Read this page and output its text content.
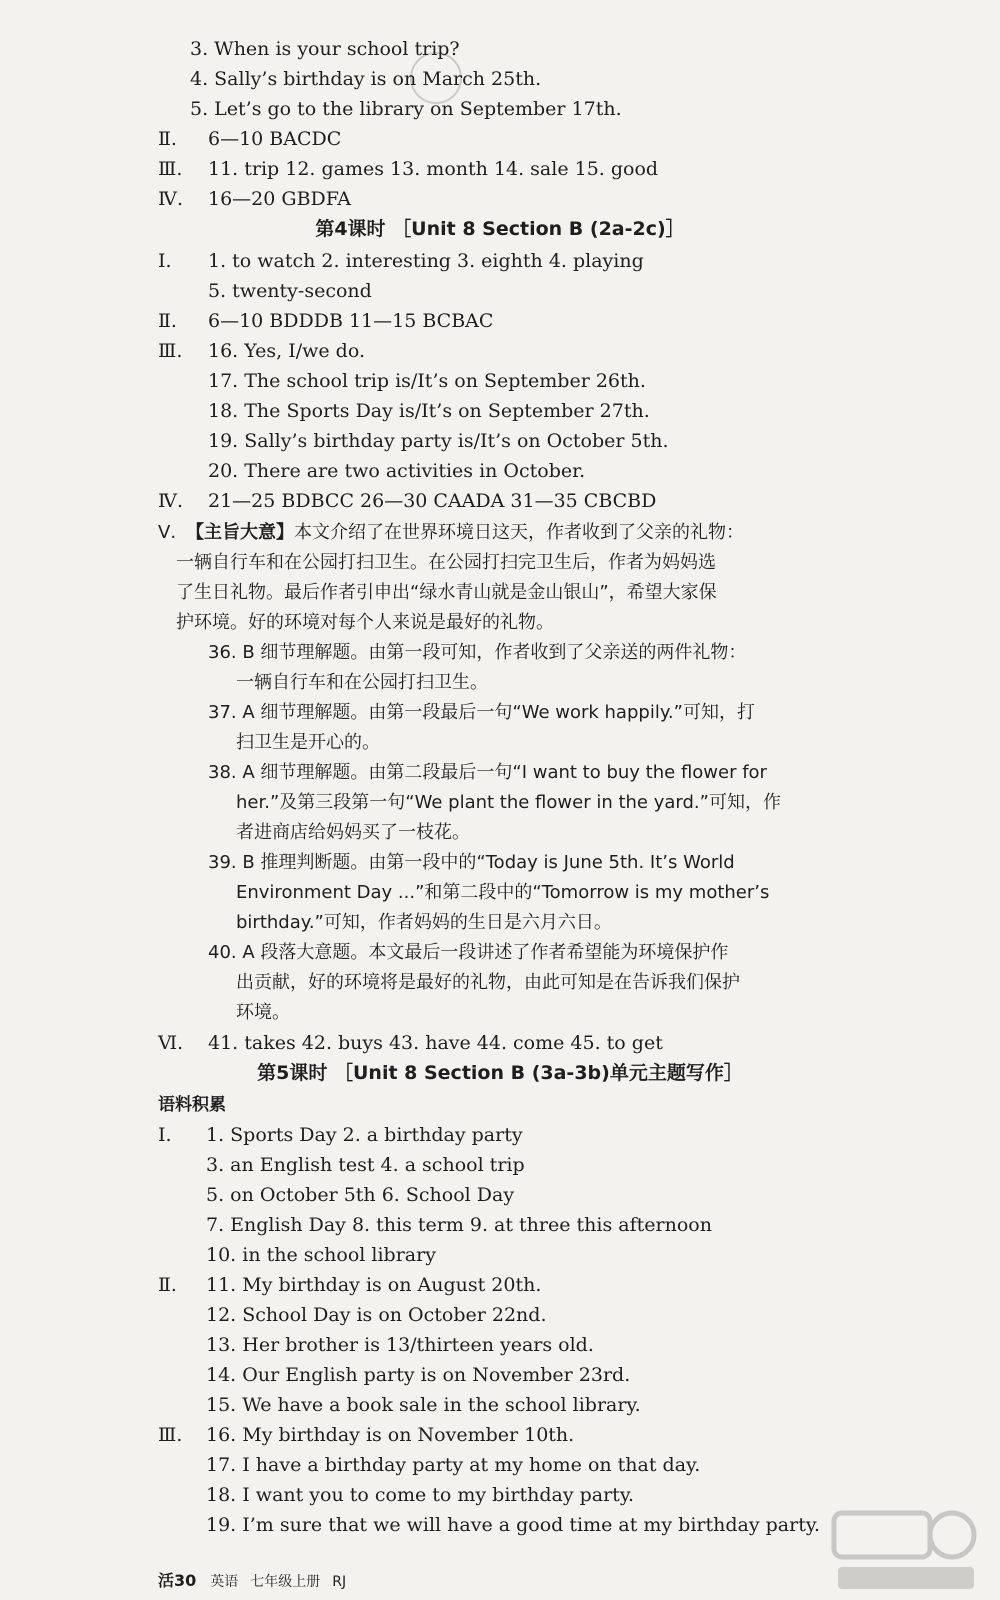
3. When is your school trip?
4. Sally’s birthday is on March 25th.
5. Let’s go to the library on September 17th.
Ⅱ. 6—10 BACDC
Ⅲ. 11. trip 12. games 13. month 14. sale 15. good
Ⅳ. 16—20 GBDFA
第4课时 ［Unit 8 Section B (2a-2c)］
Ⅰ. 1. to watch 2. interesting 3. eighth 4. playing
5. twenty-second
Ⅱ. 6—10 BDDDB 11—15 BCBAC
Ⅲ. 16. Yes, I/we do.
17. The school trip is/It’s on September 26th.
18. The Sports Day is/It’s on September 27th.
19. Sally’s birthday party is/It’s on October 5th.
20. There are two activities in October.
Ⅳ. 21—25 BDBCC 26—30 CAADA 31—35 CBCBD
Ⅴ. 【主旨大意】本文介绍了在世界环境日这天，作者收到了父亲的礼物：
一辆自行车和在公园打扫卫生。在公园打扫完卫生后，作者为妈妈选
了生日礼物。最后作者引申出“绿水青山就是金山银山”，希望大家保
护环境。好的环境对每个人来说是最好的礼物。
36. B 细节理解题。由第一段可知，作者收到了父亲送的两件礼物：
一辆自行车和在公园打扫卫生。
37. A 细节理解题。由第一段最后一句“We work happily.”可知，打
扫卫生是开心的。
38. A 细节理解题。由第二段最后一句“I want to buy the flower for
her.”及第三段第一句“We plant the flower in the yard.”可知，作
者进商店给妈妈买了一枝花。
39. B 推理判断题。由第一段中的“Today is June 5th. It’s World
Environment Day ...”和第二段中的“Tomorrow is my mother’s
birthday.”可知，作者妈妈的生日是六月六日。
40. A 段落大意题。本文最后一段讲述了作者希望能为环境保护作
出贡献，好的环境将是最好的礼物，由此可知是在告诉我们保护
环境。
Ⅵ. 41. takes 42. buys 43. have 44. come 45. to get
第5课时 ［Unit 8 Section B (3a-3b)单元主题写作］
语料积累
Ⅰ. 1. Sports Day 2. a birthday party
3. an English test 4. a school trip
5. on October 5th 6. School Day
7. English Day 8. this term 9. at three this afternoon
10. in the school library
Ⅱ. 11. My birthday is on August 20th.
12. School Day is on October 22nd.
13. Her brother is 13/thirteen years old.
14. Our English party is on November 23rd.
15. We have a book sale in the school library.
Ⅲ. 16. My birthday is on November 10th.
17. I have a birthday party at my home on that day.
18. I want you to come to my birthday party.
19. I’m sure that we will have a good time at my birthday party.
活30 英语 七年级上册 RJ
